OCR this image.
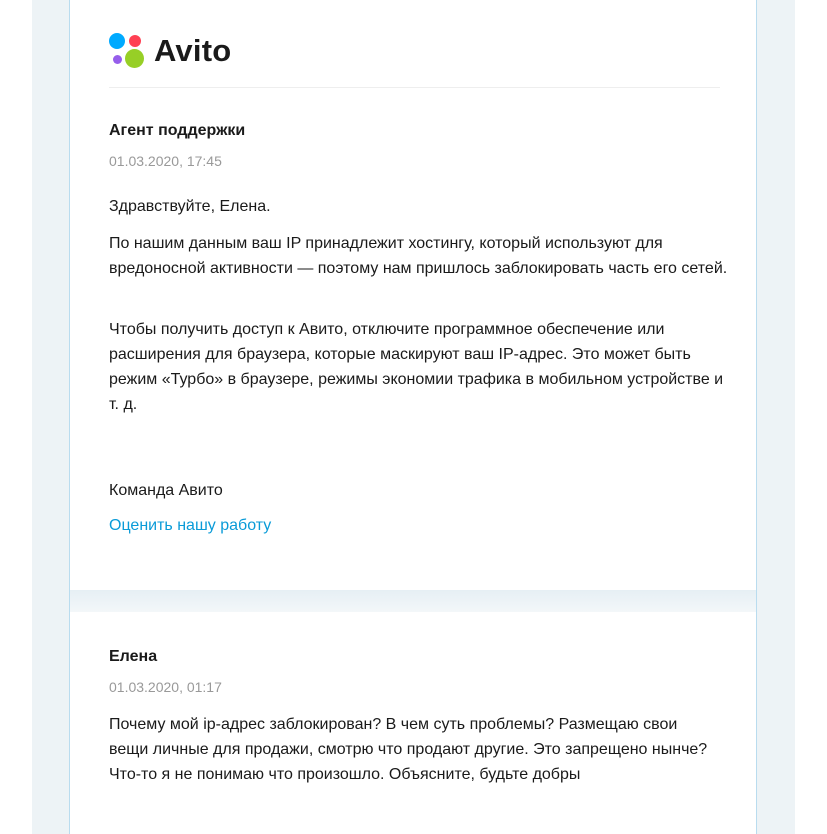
Avito
Агент поддержки
01.03.2020, 17:45

Здравствуйте, Елена.

По нашим данным ваш IP принадлежит хостингу, который используют для вредоносной активности — поэтому нам пришлось заблокировать часть его сетей.

Чтобы получить доступ к Авито, отключите программное обеспечение или расширения для браузера, которые маскируют ваш IP-адрес. Это может быть режим «Турбо» в браузере, режимы экономии трафика в мобильном устройстве и т. д.

Команда Авито

Оценить нашу работу
Елена
01.03.2020, 01:17

Почему мой ip-адрес заблокирован? В чем суть проблемы? Размещаю свои вещи личные для продажи, смотрю что продают другие. Это запрещено нынче? Что-то я не понимаю что произошло. Объясните, будьте добры
